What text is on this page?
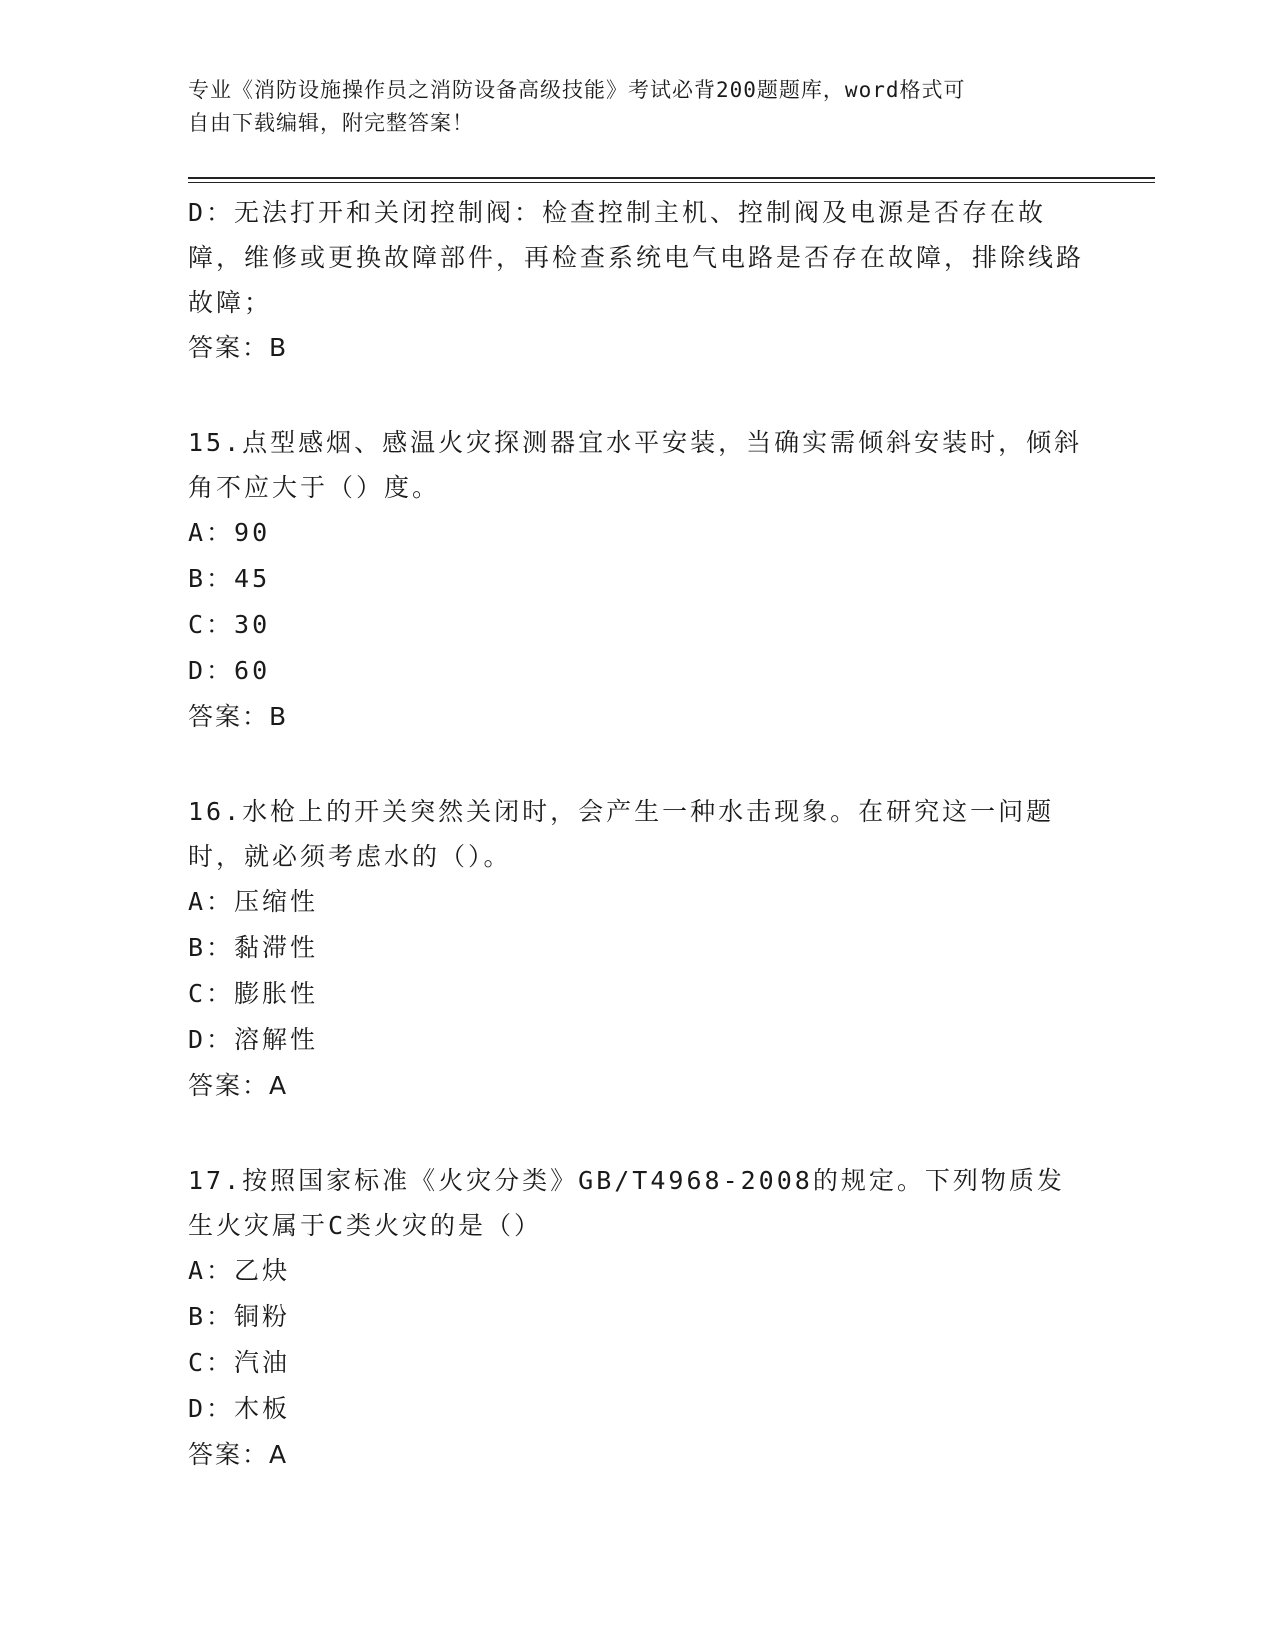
专业《消防设施操作员之消防设备高级技能》考试必背200题题库，word格式可
自由下载编辑，附完整答案！

D：无法打开和关闭控制阀：检查控制主机、控制阀及电源是否存在故障，维修或更换故障部件，再检查系统电气电路是否存在故障，排除线路故障；

答案：B

15.点型感烟、感温火灾探测器宜水平安装，当确实需倾斜安装时，倾斜角不应大于（）度。

A：90

B：45

C：30

D：60

答案：B

16.水枪上的开关突然关闭时，会产生一种水击现象。在研究这一问题时，就必须考虑水的（）。

A：压缩性

B：黏滞性

C：膨胀性

D：溶解性

答案：A

17.按照国家标准《火灾分类》GB/T4968-2008的规定。下列物质发生火灾属于C类火灾的是（）

A：乙炔

B：铜粉

C：汽油

D：木板

答案：A
